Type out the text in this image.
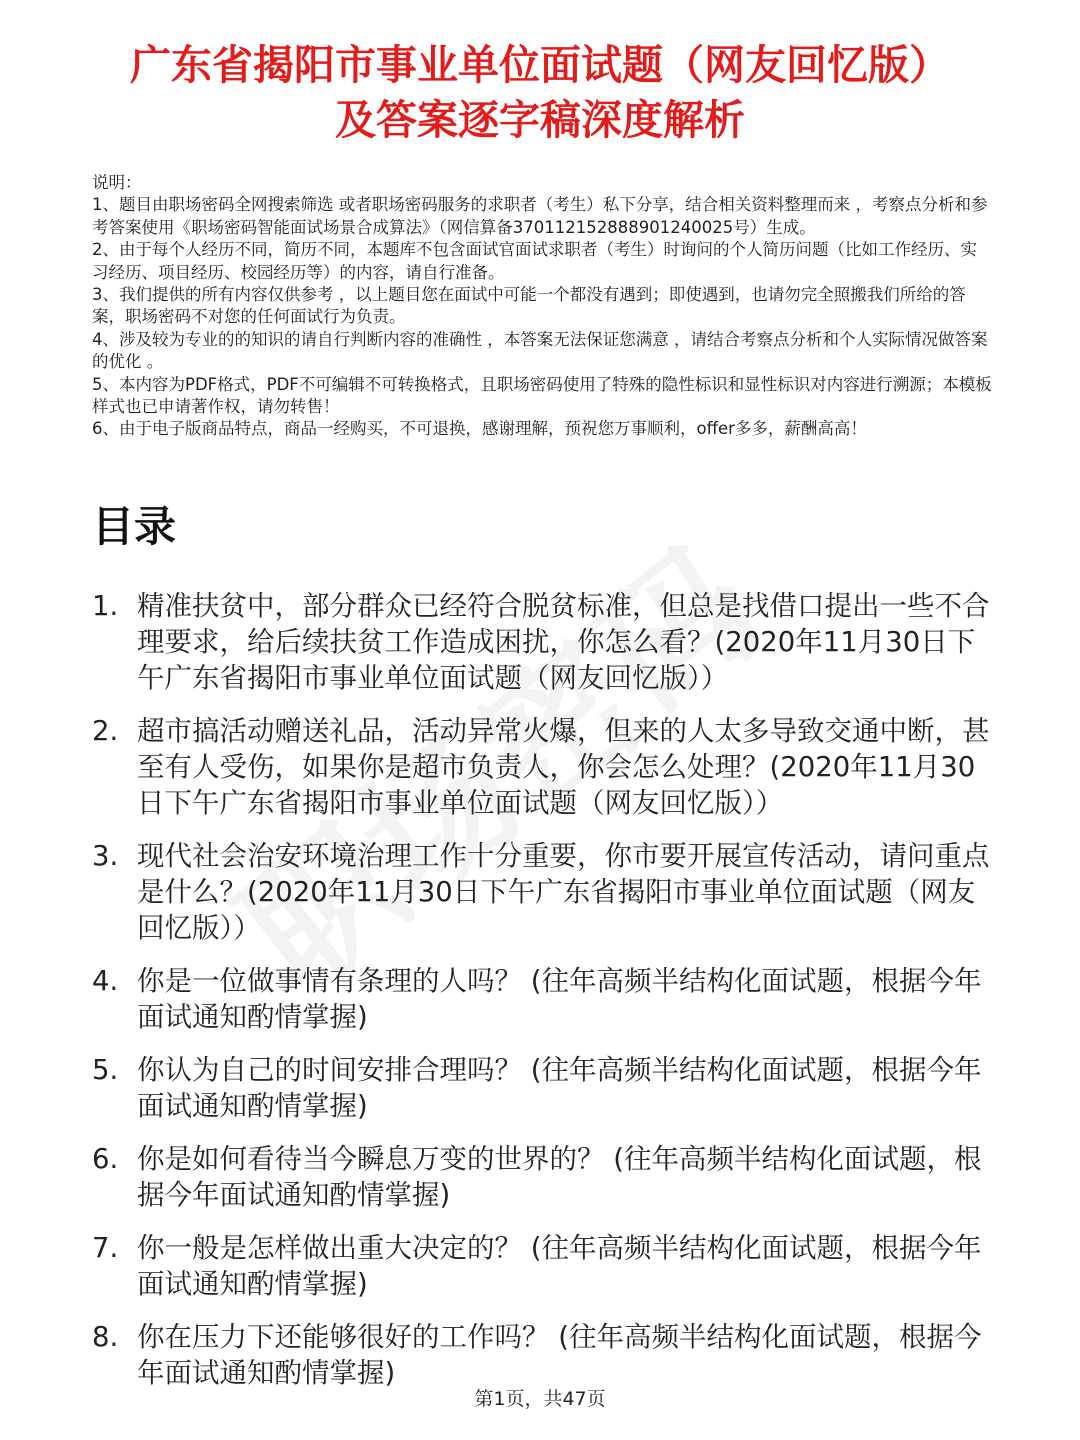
广东省揭阳市事业单位面试题（网友回忆版）
及答案逐字稿深度解析

说明：

1、题目由职场密码全网搜索筛选 或者职场密码服务的求职者（考生）私下分享，结合相关资料整理而来 ，考察点分析和参考答案使用《职场密码智能面试场景合成算法》（网信算备370112152888901240025号）生成。

2、由于每个人经历不同，简历不同，本题库不包含面试官面试求职者（考生）时询问的个人简历问题（比如工作经历、实习经历、项目经历、校园经历等）的内容，请自行准备。

3、我们提供的所有内容仅供参考 ，以上题目您在面试中可能一个都没有遇到；即使遇到，也请勿完全照搬我们所给的答案，职场密码不对您的任何面试行为负责。

4、涉及较为专业的的知识的请自行判断内容的准确性 ，本答案无法保证您满意 ，请结合考察点分析和个人实际情况做答案的优化 。

5、本内容为PDF格式，PDF不可编辑不可转换格式，且职场密码使用了特殊的隐性标识和显性标识对内容进行溯源；本模板样式也已申请著作权，请勿转售！

6、由于电子版商品特点，商品一经购买，不可退换，感谢理解，预祝您万事顺利，offer多多，薪酬高高！

目录
1. 精准扶贫中，部分群众已经符合脱贫标准，但总是找借口提出一些不合理要求，给后续扶贫工作造成困扰，你怎么看？(2020年11月30日下午广东省揭阳市事业单位面试题（网友回忆版））
2. 超市搞活动赠送礼品，活动异常火爆，但来的人太多导致交通中断，甚至有人受伤，如果你是超市负责人，你会怎么处理？(2020年11月30日下午广东省揭阳市事业单位面试题（网友回忆版））
3. 现代社会治安环境治理工作十分重要，你市要开展宣传活动，请问重点是什么？(2020年11月30日下午广东省揭阳市事业单位面试题（网友回忆版））
4. 你是一位做事情有条理的人吗？ (往年高频半结构化面试题，根据今年面试通知酌情掌握)
5. 你认为自己的时间安排合理吗？ (往年高频半结构化面试题，根据今年面试通知酌情掌握)
6. 你是如何看待当今瞬息万变的世界的？ (往年高频半结构化面试题，根据今年面试通知酌情掌握)
7. 你一般是怎样做出重大决定的？ (往年高频半结构化面试题，根据今年面试通知酌情掌握)
8. 你在压力下还能够很好的工作吗？ (往年高频半结构化面试题，根据今年面试通知酌情掌握)
第1页，共47页
